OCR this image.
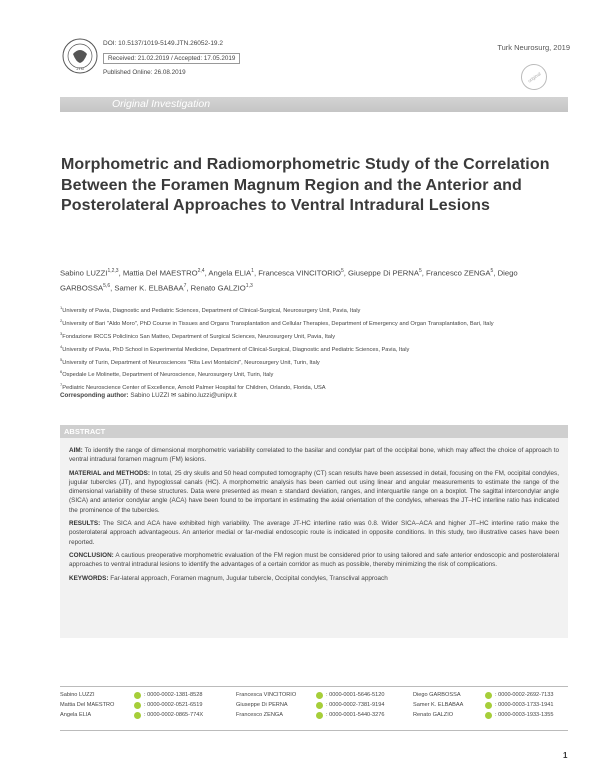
JTN
DOI: 10.5137/1019-5149.JTN.26052-19.2
Received: 21.02.2019 / Accepted: 17.05.2019
Published Online: 26.08.2019
Turk Neurosurg, 2019
original
Original Investigation
Morphometric and Radiomorphometric Study of the Correlation Between the Foramen Magnum Region and the Anterior and Posterolateral Approaches to Ventral Intradural Lesions
Sabino LUZZI$^{1,2,3}$, Mattia Del MAESTRO$^{2,4}$, Angela ELIA$^1$, Francesca VINCITORIO$^5$, Giuseppe Di PERNA$^5$, Francesco ZENGA$^5$, Diego GARBOSSA$^{5,6}$, Samer K. ELBABAA$^7$, Renato GALZIO$^{1,3}$
$^1$University of Pavia, Diagnostic and Pediatric Sciences, Department of Clinical-Surgical, Neurosurgery Unit, Pavia, Italy
$^2$University of Bari "Aldo Moro", PhD Course in Tissues and Organs Transplantation and Cellular Therapies, Department of Emergency and Organ Transplantation, Bari, Italy
$^3$Fondazione IRCCS Policlinico San Matteo, Department of Surgical Sciences, Neurosurgery Unit, Pavia, Italy
$^4$University of Pavia, PhD School in Experimental Medicine, Department of Clinical-Surgical, Diagnostic and Pediatric Sciences, Pavia, Italy
$^5$University of Turin, Department of Neurosciences "Rita Levi Montalcini", Neurosurgery Unit, Turin, Italy
$^6$Ospedale Le Molinette, Department of Neuroscience, Neurosurgery Unit, Turin, Italy
$^7$Pediatric Neuroscience Center of Excellence, Arnold Palmer Hospital for Children, Orlando, Florida, USA
Corresponding author: Sabino LUZZI ✉ sabino.luzzi@unipv.it
ABSTRACT

AIM: To identify the range of dimensional morphometric variability correlated to the basilar and condylar part of the occipital bone, which may affect the choice of approach to ventral intradural foramen magnum (FM) lesions.

MATERIAL and METHODS: In total, 25 dry skulls and 50 head computed tomography (CT) scan results have been assessed in detail, focusing on the FM, occipital condyles, jugular tubercles (JT), and hypoglossal canals (HC). A morphometric analysis has been carried out using linear and angular measurements to estimate the range of the dimensional variability of these structures. Data were presented as mean ± standard deviation, ranges, and interquartile range on a boxplot. The sagittal intercondylar angle (SICA) and anterior condylar angle (ACA) have been found to be important in estimating the axial orientation of the condyles, whereas the JT–HC interline ratio has indicated the prominence of the tubercles.

RESULTS: The SICA and ACA have exhibited high variability. The average JT-HC interline ratio was 0.8. Wider SICA–ACA and higher JT–HC interline ratio make the posterolateral approach advantageous. An anterior medial or far-medial endoscopic route is indicated in opposite conditions. In this study, two illustrative cases have been reported.

CONCLUSION: A cautious preoperative morphometric evaluation of the FM region must be considered prior to using tailored and safe anterior endoscopic and posterolateral approaches to ventral intradural lesions to identify the advantages of a certain corridor as much as possible, thereby minimizing the risk of complications.

KEYWORDS: Far-lateral approach, Foramen magnum, Jugular tubercle, Occipital condyles, Transclival approach

Sabino LUZZI	: 0000-0002-1381-8528
Mattia Del MAESTRO	: 0000-0002-0521-6519
Angela ELIA	: 0000-0002-0865-774X
Francesca VINCITORIO	: 0000-0001-5646-5120
Giuseppe Di PERNA	: 0000-0002-7381-9194
Francesco ZENGA	: 0000-0001-5440-3276
Diego GARBOSSA	: 0000-0002-2692-7133
Samer K. ELBABAA	: 0000-0003-1733-1941
Renato GALZIO	: 0000-0003-1933-1355
1
